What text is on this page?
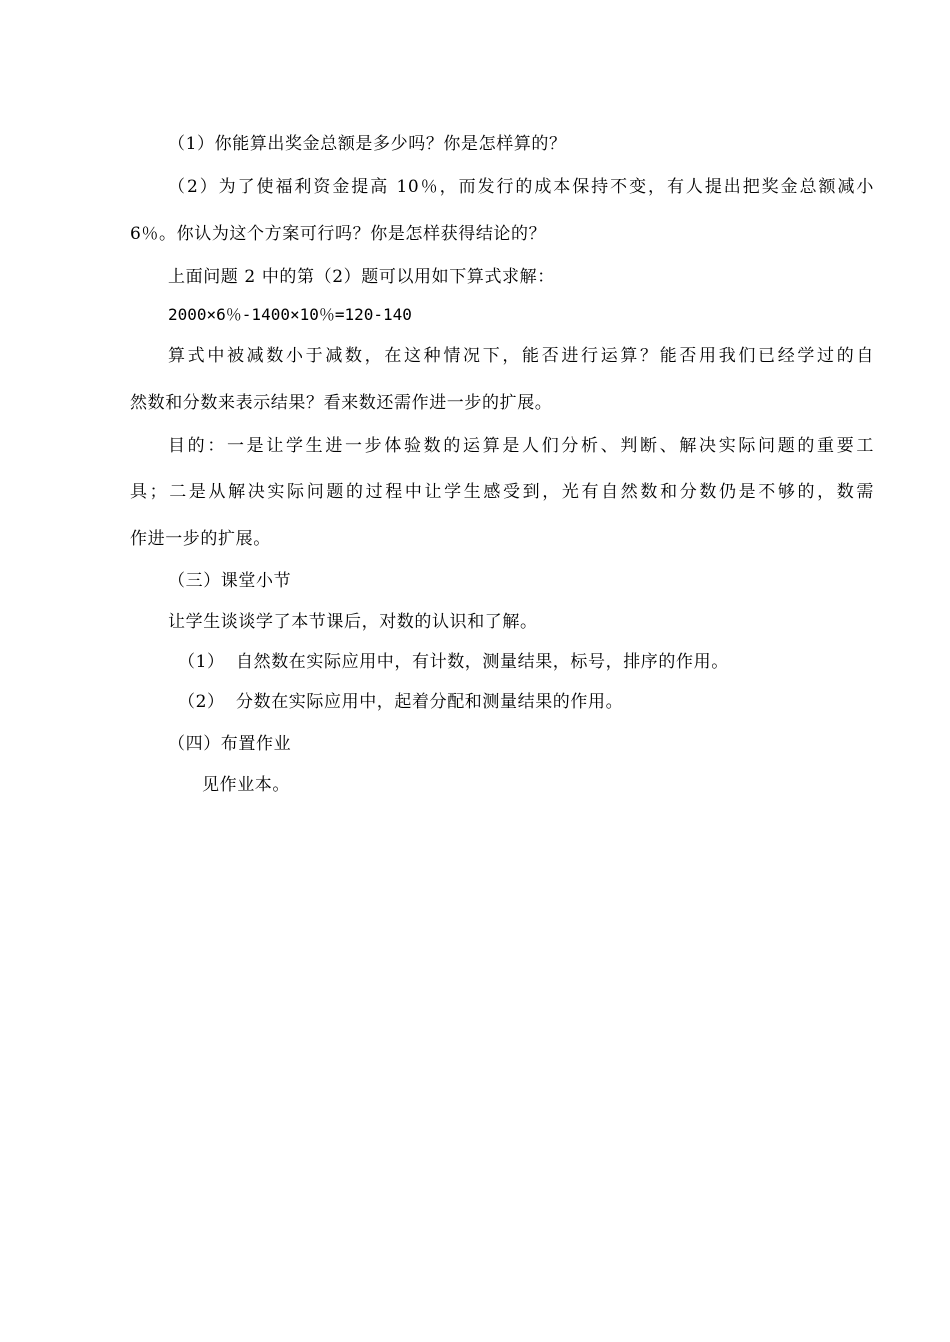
（1）你能算出奖金总额是多少吗？你是怎样算的？
（2）为了使福利资金提高 10％，而发行的成本保持不变，有人提出把奖金总额减小
6％。你认为这个方案可行吗？你是怎样获得结论的？
上面问题 2 中的第（2）题可以用如下算式求解：
2000×6％-1400×10％=120-140
算式中被减数小于减数，在这种情况下，能否进行运算？能否用我们已经学过的自
然数和分数来表示结果？看来数还需作进一步的扩展。
目的：一是让学生进一步体验数的运算是人们分析、判断、解决实际问题的重要工
具；二是从解决实际问题的过程中让学生感受到，光有自然数和分数仍是不够的，数需
作进一步的扩展。
（三）课堂小节
让学生谈谈学了本节课后，对数的认识和了解。
（1） 自然数在实际应用中，有计数，测量结果，标号，排序的作用。
（2） 分数在实际应用中，起着分配和测量结果的作用。
（四）布置作业
见作业本。
